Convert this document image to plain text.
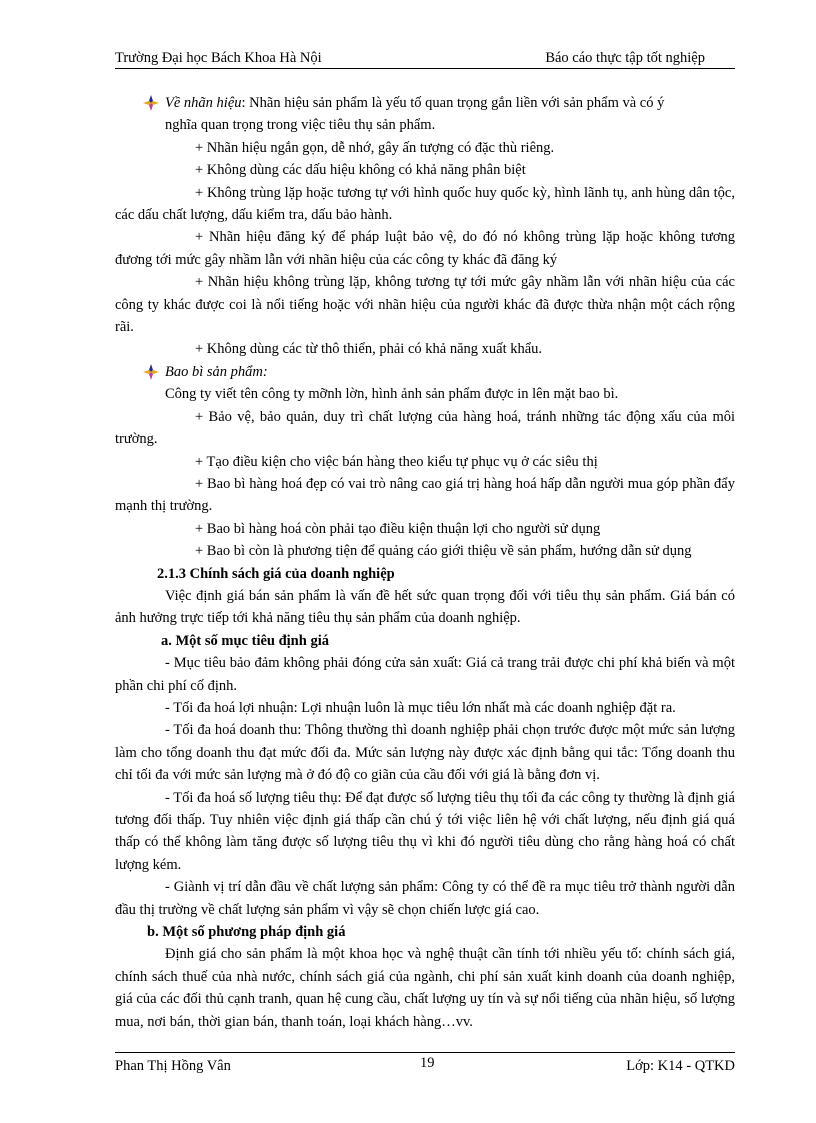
Trường Đại học Bách Khoa Hà Nội	Báo cáo thực tập tốt nghiệp

Về nhãn hiệu: Nhãn hiệu sản phẩm là yếu tố quan trọng gắn liền với sản phẩm và có ý

nghĩa quan trọng trong việc tiêu thụ sản phẩm.

+ Nhãn hiệu ngắn gọn, dễ nhớ, gây ấn tượng có đặc thù riêng.

+ Không dùng các dấu hiệu không có khả năng phân biệt

+ Không trùng lặp hoặc tương tự với hình quốc huy quốc kỳ, hình lãnh tụ, anh hùng dân tộc, các dấu chất lượng, dấu kiểm tra, dấu bảo hành.

+ Nhãn hiệu đăng ký để pháp luật bảo vệ, do đó nó không trùng lặp hoặc không tương đương tới mức gây nhầm lẫn với nhãn hiệu của các công ty khác đã đăng ký

+ Nhãn hiệu không trùng lặp, không tương tự tới mức gây nhầm lẫn với nhãn hiệu của các công ty khác được coi là nổi tiếng hoặc với nhãn hiệu của người khác đã được thừa nhận một cách rộng rãi.

+ Không dùng các từ thô thiển, phải có khả năng xuất khẩu.

Bao bì sản phẩm:

Công ty viết tên công ty mỡnh lờn, hình ảnh sản phẩm được in lên mặt bao bì.

+ Bảo vệ, bảo quản, duy trì chất lượng của hàng hoá, tránh những tác động xấu của môi trường.

+ Tạo điều kiện cho việc bán hàng theo kiểu tự phục vụ ở các siêu thị

+ Bao bì hàng hoá đẹp có vai trò nâng cao giá trị hàng hoá hấp dẫn người mua góp phần đẩy mạnh thị trường.

+ Bao bì hàng hoá còn phải tạo điều kiện thuận lợi cho người sử dụng

+ Bao bì còn là phương tiện để quảng cáo giới thiệu về sản phẩm, hướng dẫn sử dụng

2.1.3 Chính sách giá của doanh nghiệp

Việc định giá bán sản phẩm là vấn đề hết sức quan trọng đối với tiêu thụ sản phẩm. Giá bán có ảnh hưởng trực tiếp tới khả năng tiêu thụ sản phẩm của doanh nghiệp.

a. Một số mục tiêu định giá

- Mục tiêu bảo đảm không phải đóng cửa sản xuất: Giá cả trang trải được chi phí khả biến và một phần chi phí cố định.

- Tối đa hoá lợi nhuận: Lợi nhuận luôn là mục tiêu lớn nhất mà các doanh nghiệp đặt ra.

- Tối đa hoá doanh thu: Thông thường thì doanh nghiệp phải chọn trước được một mức sản lượng làm cho tổng doanh thu đạt mức đối đa. Mức sản lượng này được xác định bằng qui tắc: Tổng doanh thu chỉ tối đa với mức sản lượng mà ở đó độ co giãn của cầu đối với giá là bằng đơn vị.

- Tối đa hoá số lượng tiêu thụ: Để đạt được số lượng tiêu thụ tối đa các công ty thường là định giá tương đối thấp. Tuy nhiên việc định giá thấp cần chú ý tới việc liên hệ với chất lượng, nếu định giá quá thấp có thể không làm tăng được số lượng tiêu thụ vì khi đó người tiêu dùng cho rằng hàng hoá có chất lượng kém.

- Giành vị trí dẫn đầu về chất lượng sản phẩm: Công ty có thể đề ra mục tiêu trở thành người dẫn đầu thị trường về chất lượng sản phẩm vì vậy sẽ chọn chiến lược giá cao.

b. Một số phương pháp định giá

Định giá cho sản phẩm là một khoa học và nghệ thuật cần tính tới nhiều yếu tố: chính sách giá, chính sách thuế của nhà nước, chính sách giá của ngành, chi phí sản xuất kinh doanh của doanh nghiệp, giá của các đối thủ cạnh tranh, quan hệ cung cầu, chất lượng uy tín và sự nổi tiếng của nhãn hiệu, số lượng mua, nơi bán, thời gian bán, thanh toán, loại khách hàng…vv.

Phan Thị Hồng Vân	19	Lớp: K14 - QTKD
